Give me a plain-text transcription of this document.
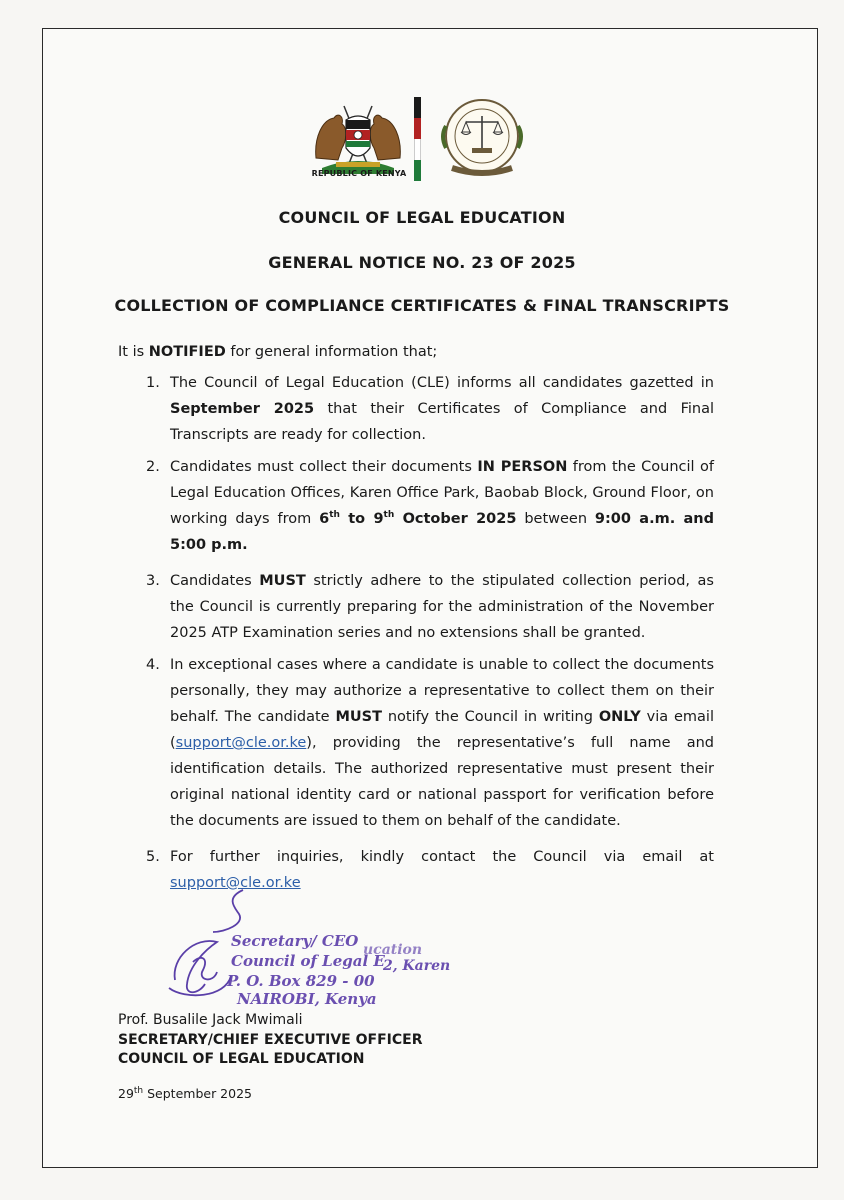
REPUBLIC OF KENYA
COUNCIL OF LEGAL EDUCATION
GENERAL NOTICE NO. 23 OF 2025
COLLECTION OF COMPLIANCE CERTIFICATES & FINAL TRANSCRIPTS
It is NOTIFIED for general information that;
1. The Council of Legal Education (CLE) informs all candidates gazetted in September 2025 that their Certificates of Compliance and Final Transcripts are ready for collection.
2. Candidates must collect their documents IN PERSON from the Council of Legal Education Offices, Karen Office Park, Baobab Block, Ground Floor, on working days from 6th to 9th October 2025 between 9:00 a.m. and 5:00 p.m.
3. Candidates MUST strictly adhere to the stipulated collection period, as the Council is currently preparing for the administration of the November 2025 ATP Examination series and no extensions shall be granted.
4. In exceptional cases where a candidate is unable to collect the documents personally, they may authorize a representative to collect them on their behalf. The candidate MUST notify the Council in writing ONLY via email (support@cle.or.ke), providing the representative’s full name and identification details. The authorized representative must present their original national identity card or national passport for verification before the documents are issued to them on behalf of the candidate.
5. For further inquiries, kindly contact the Council via email at support@cle.or.ke
Secretary/ CEO
Council of Legal E
ucation
P. O. Box 829 - 00
2, Karen
NAIROBI, Kenya
Prof. Busalile Jack Mwimali
SECRETARY/CHIEF EXECUTIVE OFFICER
COUNCIL OF LEGAL EDUCATION
29th September 2025
